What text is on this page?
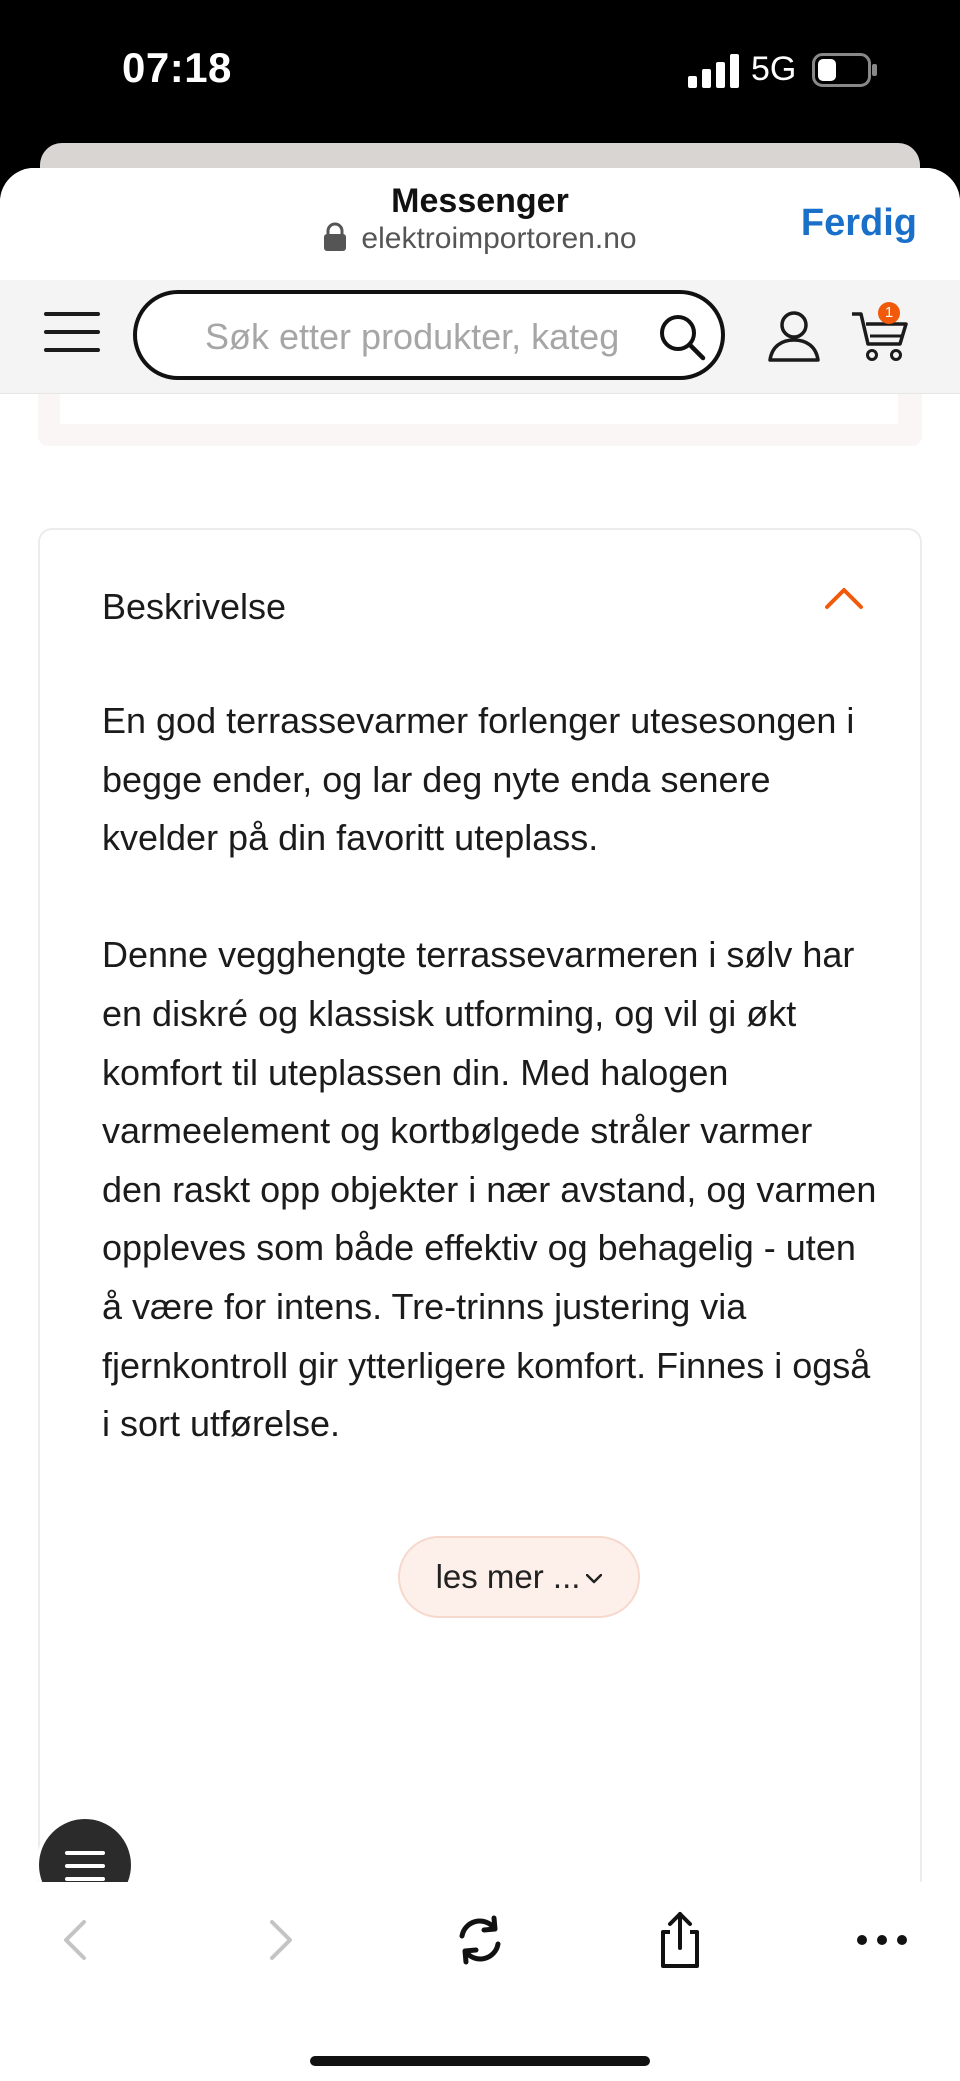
07:18	5G
Messenger
elektroimportoren.no	Ferdig
Søk etter produkter, kateg
1
Beskrivelse

En god terrassevarmer forlenger utesesongen i begge ender, og lar deg nyte enda senere kvelder på din favoritt uteplass.

Denne vegghengte terrassevarmeren i sølv har en diskré og klassisk utforming, og vil gi økt komfort til uteplassen din. Med halogen varmeelement og kortbølgede stråler varmer den raskt opp objekter i nær avstand, og varmen oppleves som både effektiv og behagelig - uten å være for intens. Tre-trinns justering via fjernkontroll gir ytterligere komfort. Finnes i også i sort utførelse.

les mer ...
